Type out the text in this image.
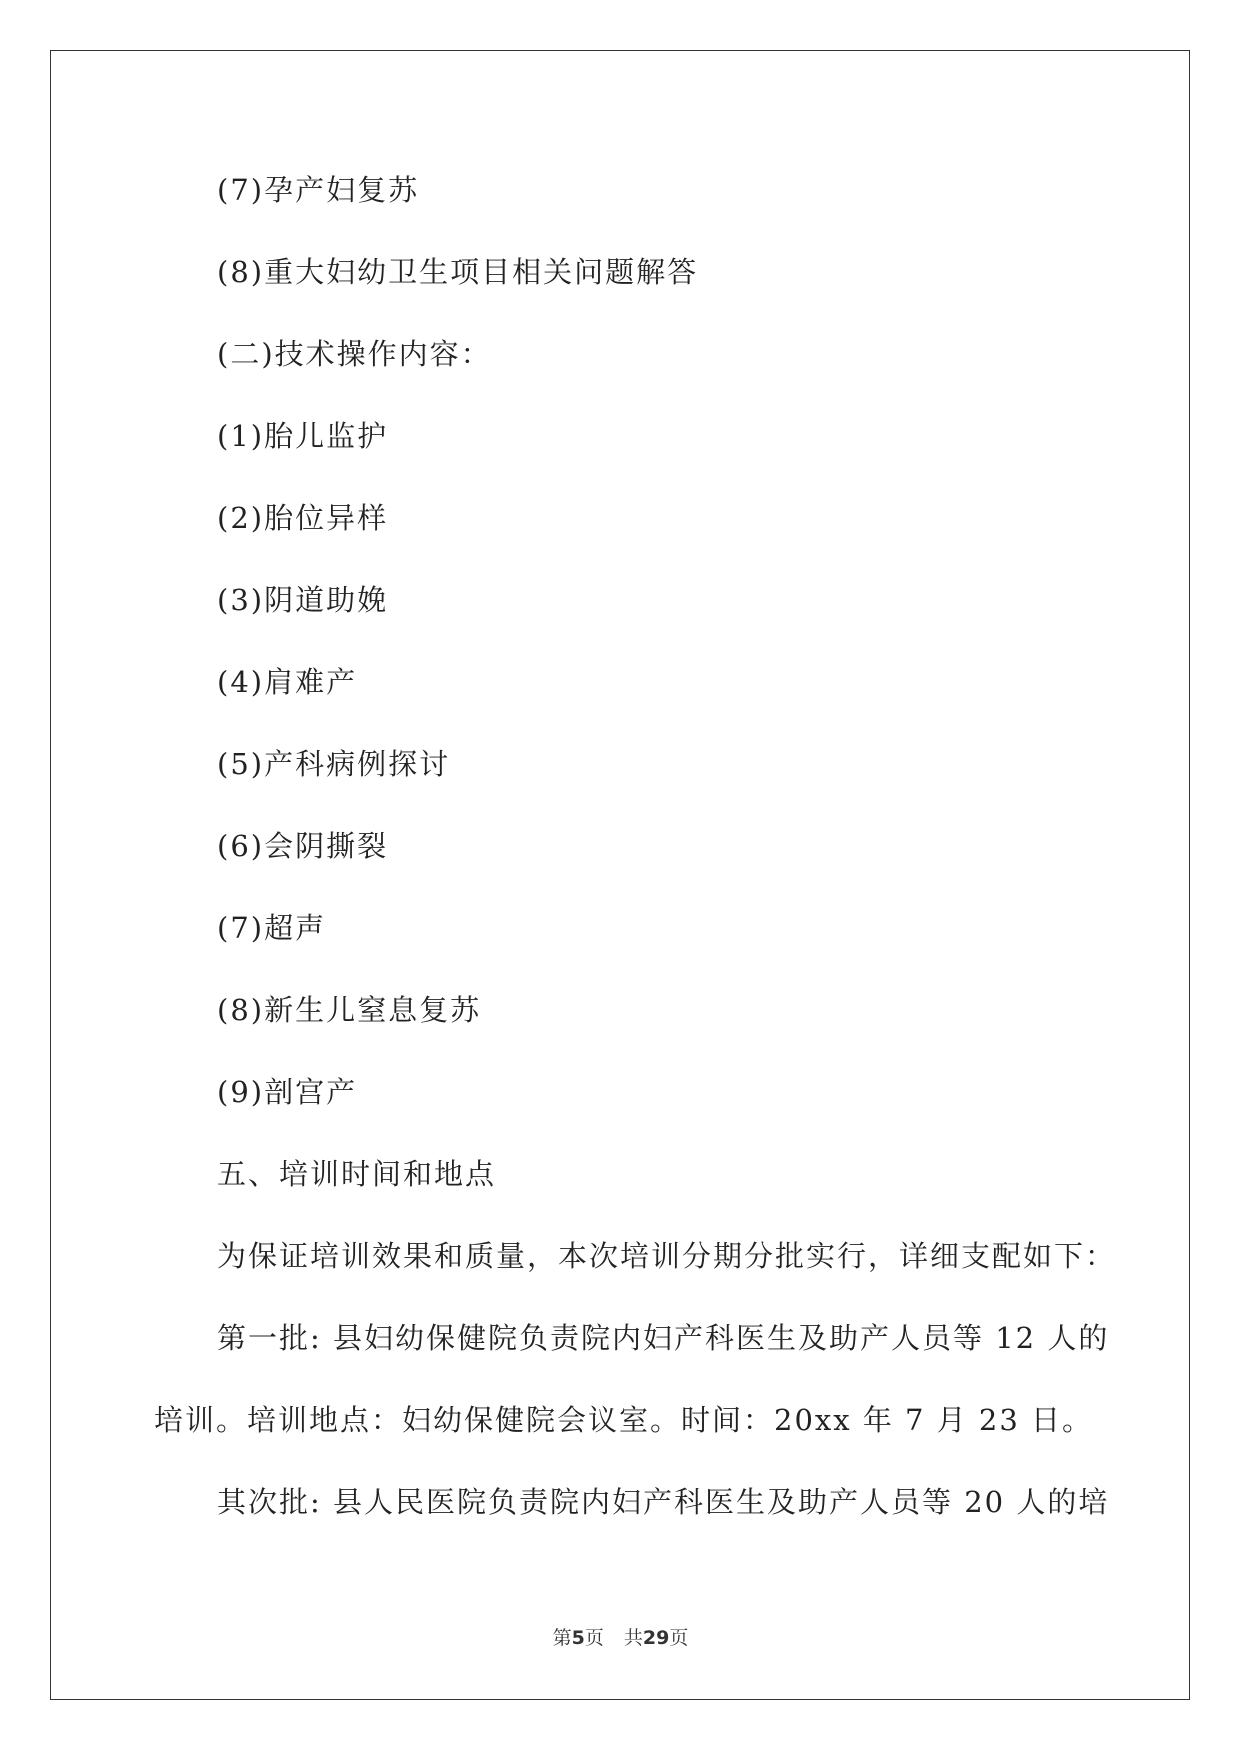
(7)孕产妇复苏
(8)重大妇幼卫生项目相关问题解答
(二)技术操作内容：
(1)胎儿监护
(2)胎位异样
(3)阴道助娩
(4)肩难产
(5)产科病例探讨
(6)会阴撕裂
(7)超声
(8)新生儿窒息复苏
(9)剖宫产
五、培训时间和地点
为保证培训效果和质量，本次培训分期分批实行，详细支配如下：
第一批: 县妇幼保健院负责院内妇产科医生及助产人员等 12 人的
培训。培训地点：妇幼保健院会议室。时间：20xx 年 7 月 23 日。
其次批: 县人民医院负责院内妇产科医生及助产人员等 20 人的培
第5页 共29页
